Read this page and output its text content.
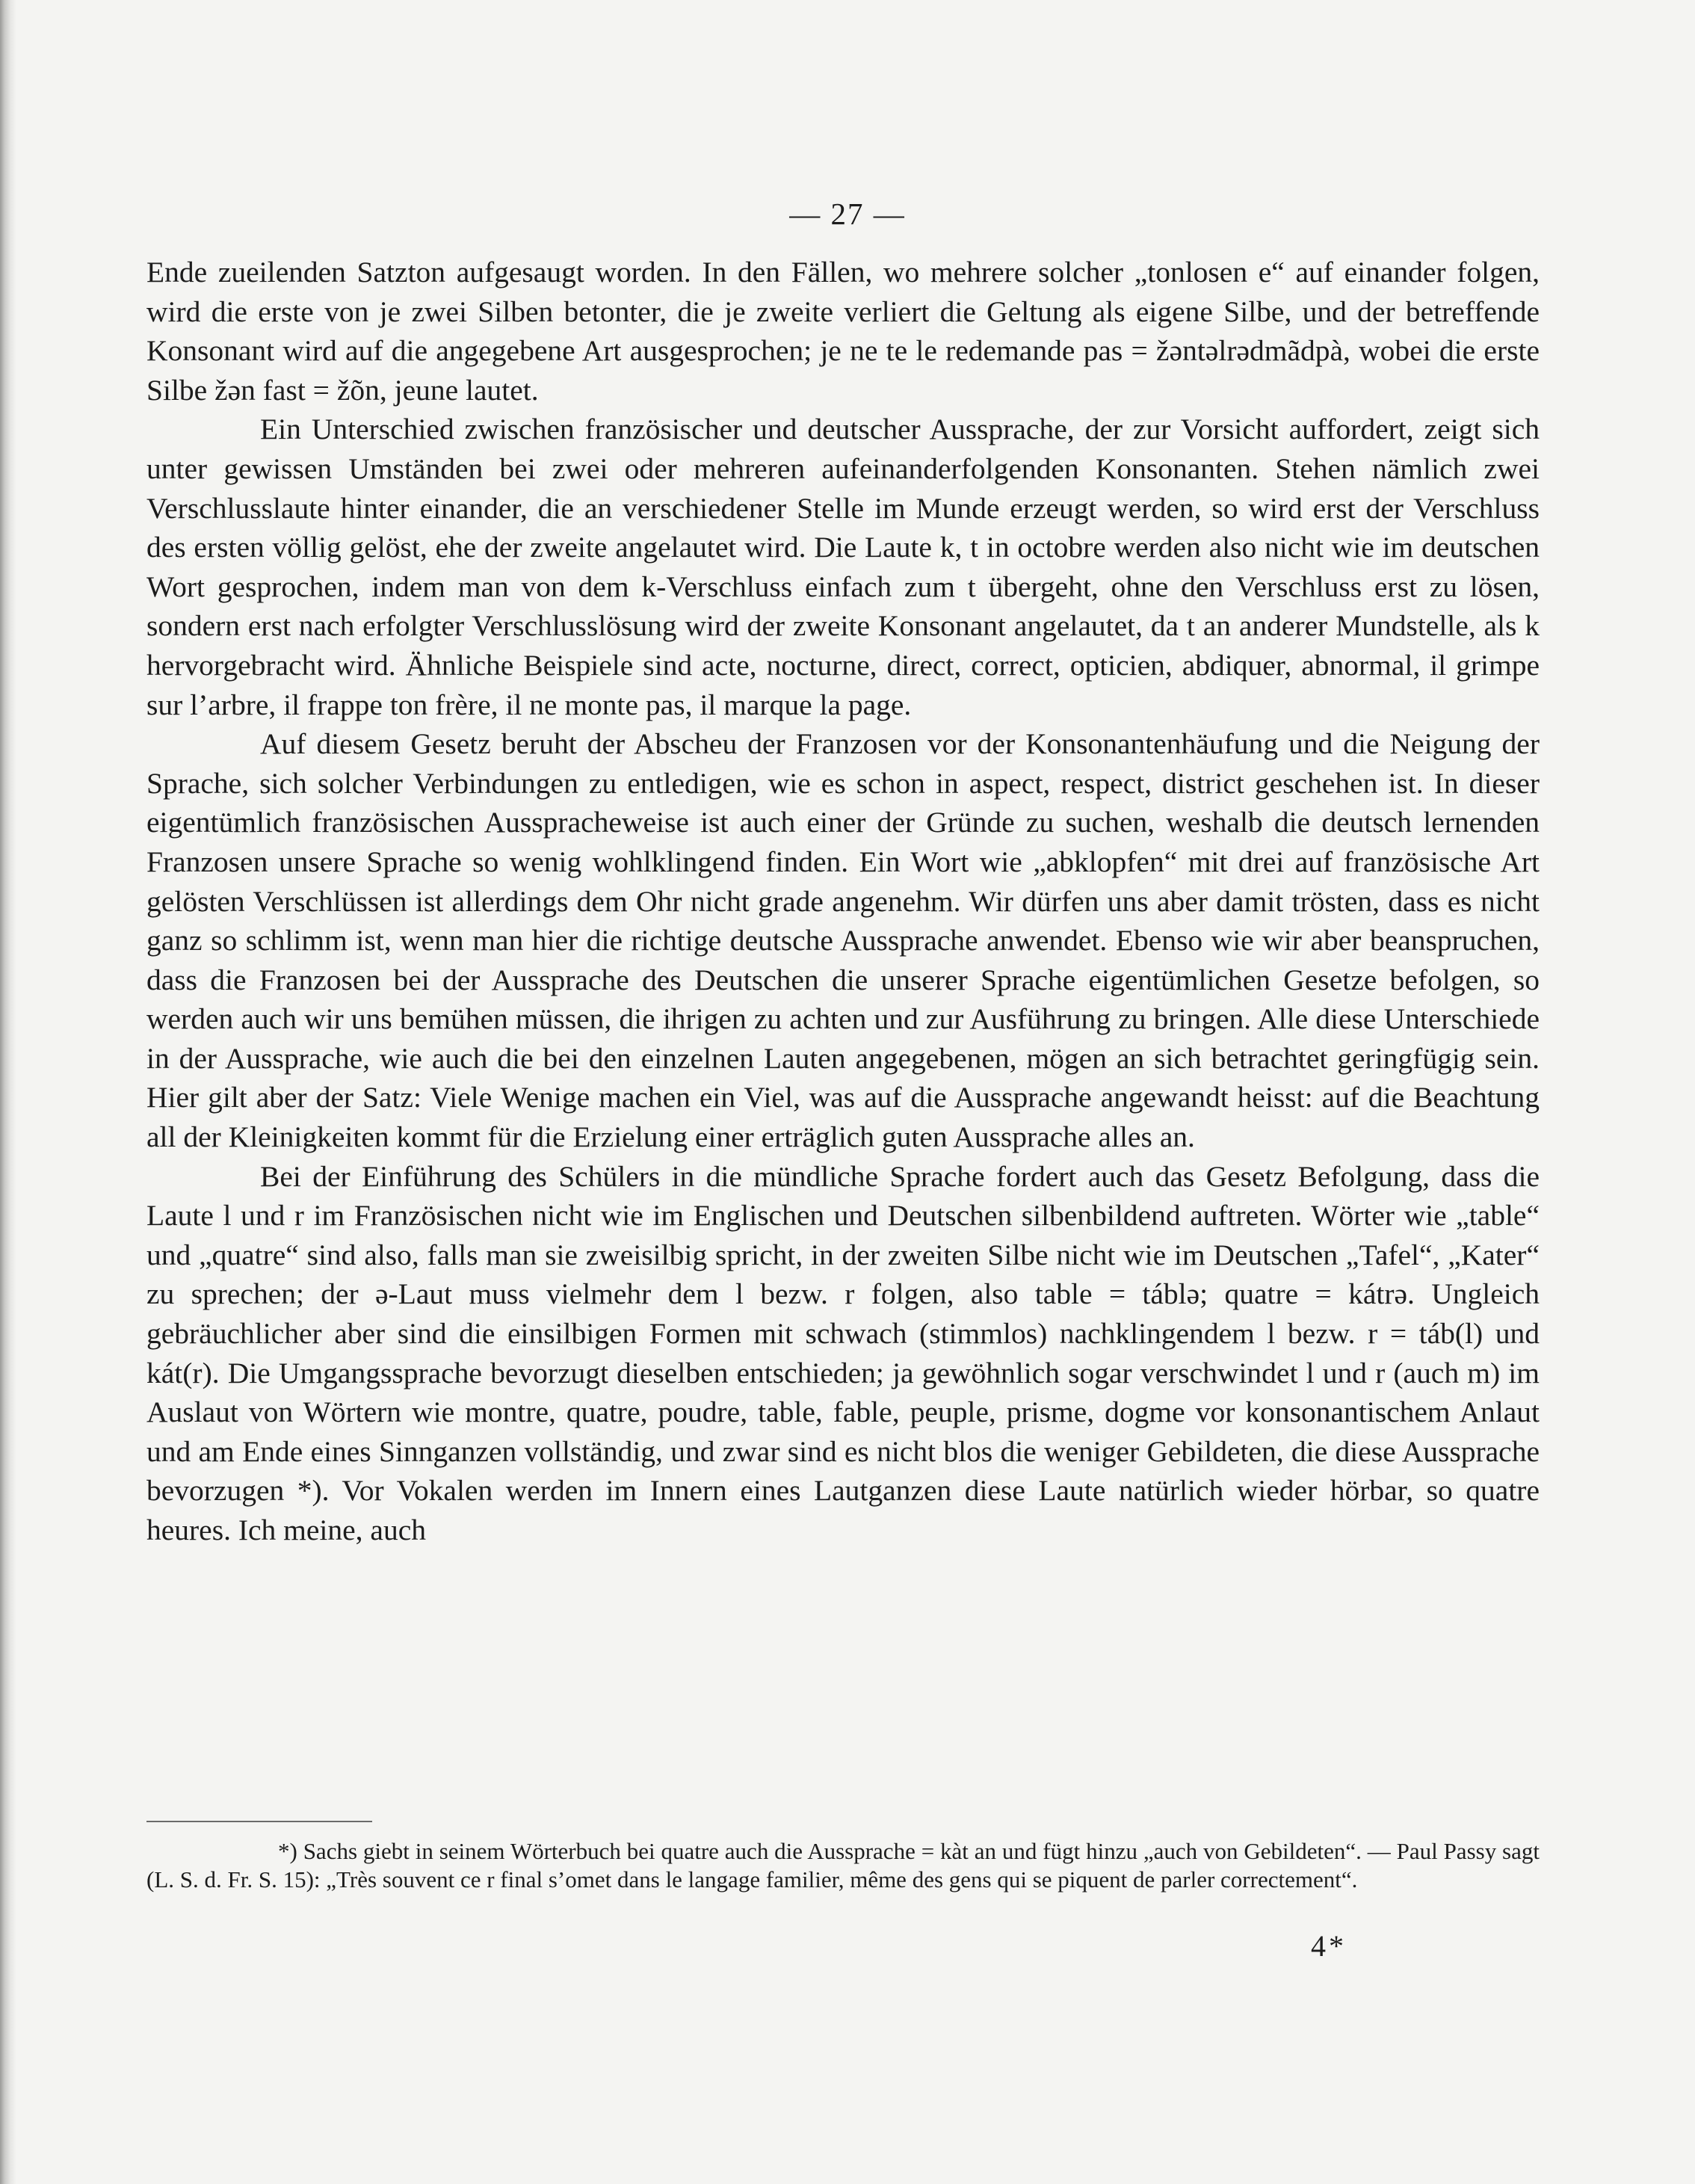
— 27 —

Ende zueilenden Satzton aufgesaugt worden. In den Fällen, wo mehrere solcher „tonlosen e“ auf einander folgen, wird die erste von je zwei Silben betonter, die je zweite verliert die Geltung als eigene Silbe, und der betreffende Konsonant wird auf die angegebene Art ausgesprochen; je ne te le redemande pas = žəntəlrədmãdpà, wobei die erste Silbe žən fast = žõn, jeune lautet.

Ein Unterschied zwischen französischer und deutscher Aussprache, der zur Vorsicht auffordert, zeigt sich unter gewissen Umständen bei zwei oder mehreren aufeinanderfolgenden Konsonanten. Stehen nämlich zwei Verschlusslaute hinter einander, die an verschiedener Stelle im Munde erzeugt werden, so wird erst der Verschluss des ersten völlig gelöst, ehe der zweite angelautet wird. Die Laute k, t in octobre werden also nicht wie im deutschen Wort gesprochen, indem man von dem k-Verschluss einfach zum t übergeht, ohne den Verschluss erst zu lösen, sondern erst nach erfolgter Verschlusslösung wird der zweite Konsonant angelautet, da t an anderer Mundstelle, als k hervorgebracht wird. Ähnliche Beispiele sind acte, nocturne, direct, correct, opticien, abdiquer, abnormal, il grimpe sur l’arbre, il frappe ton frère, il ne monte pas, il marque la page.

Auf diesem Gesetz beruht der Abscheu der Franzosen vor der Konsonantenhäufung und die Neigung der Sprache, sich solcher Verbindungen zu entledigen, wie es schon in aspect, respect, district geschehen ist. In dieser eigentümlich französischen Ausspracheweise ist auch einer der Gründe zu suchen, weshalb die deutsch lernenden Franzosen unsere Sprache so wenig wohlklingend finden. Ein Wort wie „abklopfen“ mit drei auf französische Art gelösten Verschlüssen ist allerdings dem Ohr nicht grade angenehm. Wir dürfen uns aber damit trösten, dass es nicht ganz so schlimm ist, wenn man hier die richtige deutsche Aussprache anwendet. Ebenso wie wir aber beanspruchen, dass die Franzosen bei der Aussprache des Deutschen die unserer Sprache eigentümlichen Gesetze befolgen, so werden auch wir uns bemühen müssen, die ihrigen zu achten und zur Ausführung zu bringen. Alle diese Unterschiede in der Aussprache, wie auch die bei den einzelnen Lauten angegebenen, mögen an sich betrachtet geringfügig sein. Hier gilt aber der Satz: Viele Wenige machen ein Viel, was auf die Aussprache angewandt heisst: auf die Beachtung all der Kleinigkeiten kommt für die Erzielung einer erträglich guten Aussprache alles an.

Bei der Einführung des Schülers in die mündliche Sprache fordert auch das Gesetz Befolgung, dass die Laute l und r im Französischen nicht wie im Englischen und Deutschen silbenbildend auftreten. Wörter wie „table“ und „quatre“ sind also, falls man sie zweisilbig spricht, in der zweiten Silbe nicht wie im Deutschen „Tafel“, „Kater“ zu sprechen; der ə-Laut muss vielmehr dem l bezw. r folgen, also table = táblə; quatre = kátrə. Ungleich gebräuchlicher aber sind die einsilbigen Formen mit schwach (stimmlos) nachklingendem l bezw. r = táb(l) und kát(r). Die Umgangssprache bevorzugt dieselben entschieden; ja gewöhnlich sogar verschwindet l und r (auch m) im Auslaut von Wörtern wie montre, quatre, poudre, table, fable, peuple, prisme, dogme vor konsonantischem Anlaut und am Ende eines Sinnganzen vollständig, und zwar sind es nicht blos die weniger Gebildeten, die diese Aussprache bevorzugen *). Vor Vokalen werden im Innern eines Lautganzen diese Laute natürlich wieder hörbar, so quatre heures. Ich meine, auch

*) Sachs giebt in seinem Wörterbuch bei quatre auch die Aussprache = kàt an und fügt hinzu „auch von Gebildeten“. — Paul Passy sagt (L. S. d. Fr. S. 15): „Très souvent ce r final s’omet dans le langage familier, même des gens qui se piquent de parler correctement“.
4*
